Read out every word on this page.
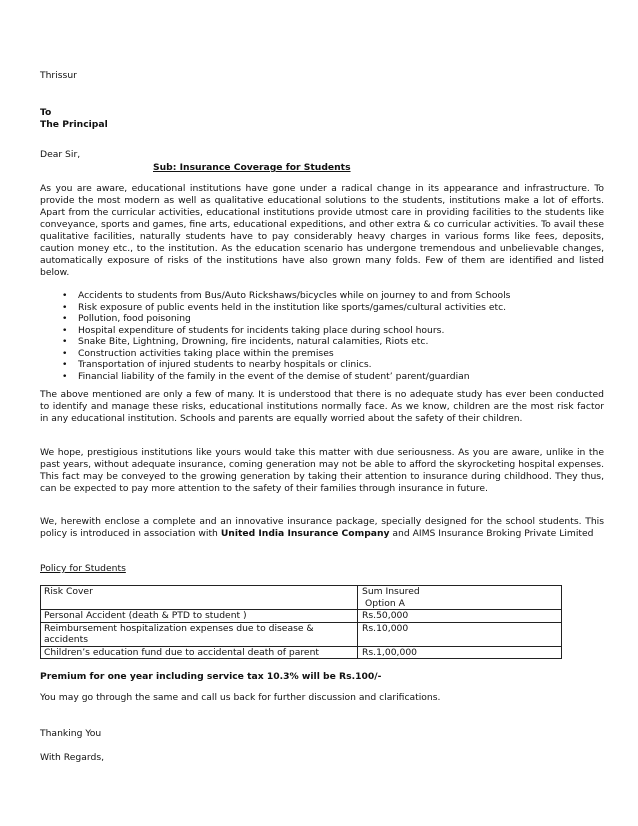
Thrissur
To
The Principal
Dear Sir,
Sub: Insurance Coverage for Students
As you are aware, educational institutions have gone under a radical change in its appearance and infrastructure. To provide the most modern as well as qualitative educational solutions to the students, institutions make a lot of efforts. Apart from the curricular activities, educational institutions provide utmost care in providing facilities to the students like conveyance, sports and games, fine arts, educational expeditions, and other extra & co curricular activities. To avail these qualitative facilities, naturally students have to pay considerably heavy charges in various forms like fees, deposits, caution money etc., to the institution. As the education scenario has undergone tremendous and unbelievable changes, automatically exposure of risks of the institutions have also grown many folds. Few of them are identified and listed below.
• Accidents to students from Bus/Auto Rickshaws/bicycles while on journey to and from Schools
• Risk exposure of public events held in the institution like sports/games/cultural activities etc.
• Pollution, food poisoning
• Hospital expenditure of students for incidents taking place during school hours.
• Snake Bite, Lightning, Drowning, fire incidents, natural calamities, Riots etc.
• Construction activities taking place within the premises
• Transportation of injured students to nearby hospitals or clinics.
• Financial liability of the family in the event of the demise of student’ parent/guardian
The above mentioned are only a few of many. It is understood that there is no adequate study has ever been conducted to identify and manage these risks, educational institutions normally face. As we know, children are the most risk factor in any educational institution. Schools and parents are equally worried about the safety of their children.
We hope, prestigious institutions like yours would take this matter with due seriousness. As you are aware, unlike in the past years, without adequate insurance, coming generation may not be able to afford the skyrocketing hospital expenses. This fact may be conveyed to the growing generation by taking their attention to insurance during childhood. They thus, can be expected to pay more attention to the safety of their families through insurance in future.
We, herewith enclose a complete and an innovative insurance package, specially designed for the school students. This policy is introduced in association with United India Insurance Company and AIMS Insurance Broking Private Limited
Policy for Students
Risk Cover	Sum Insured
Option A

Personal Accident (death & PTD to student )	Rs.50,000
Reimbursement hospitalization expenses due to disease & accidents	Rs.10,000
Children’s education fund due to accidental death of parent	Rs.1,00,000
Premium for one year including service tax 10.3% will be Rs.100/-
You may go through the same and call us back for further discussion and clarifications.
Thanking You
With Regards,
